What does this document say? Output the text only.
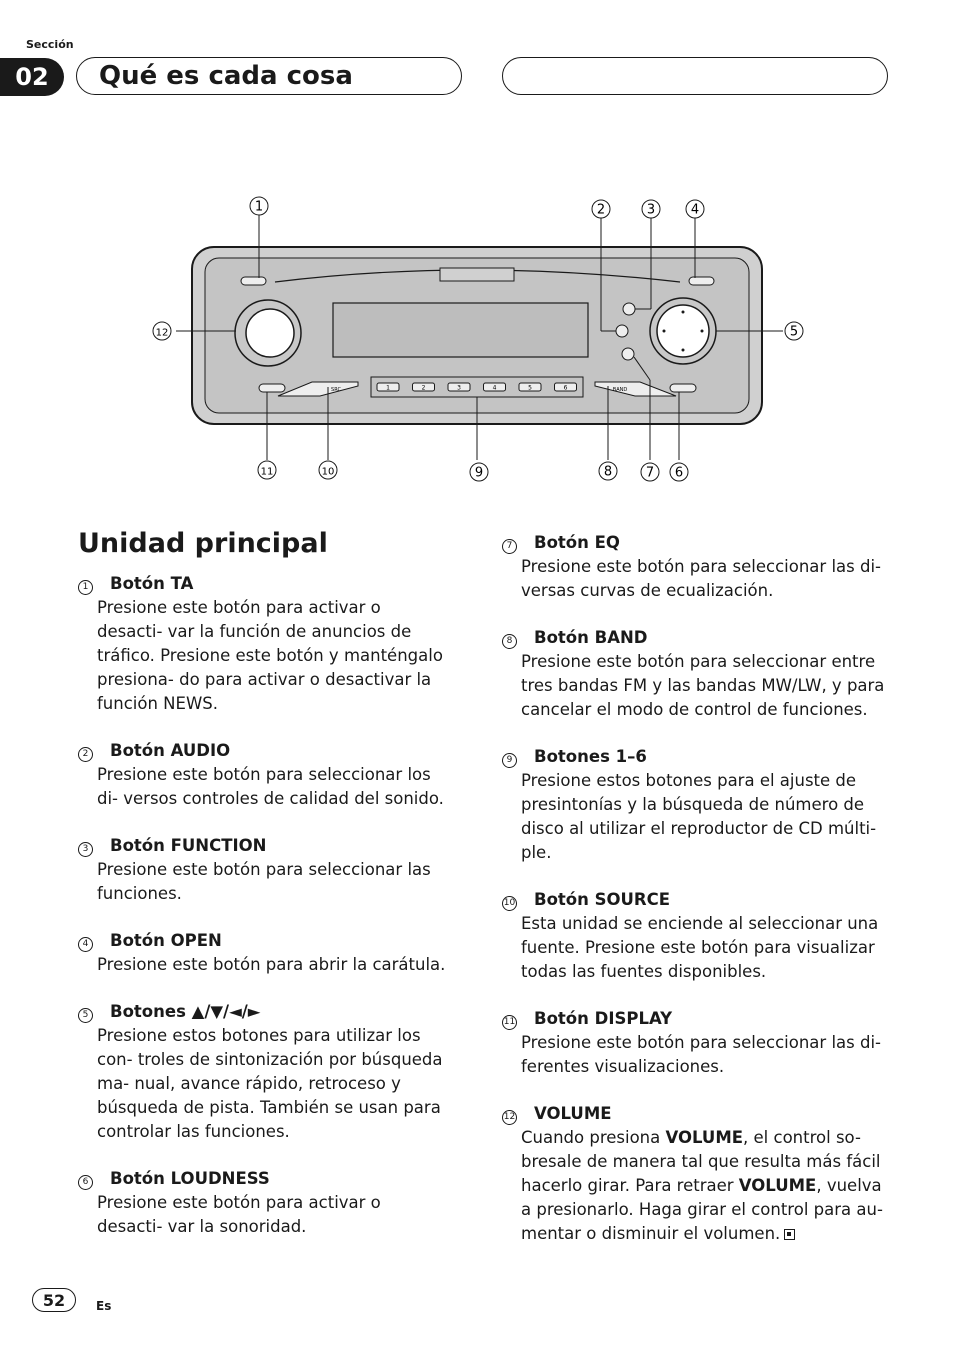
Sección
02	Qué es cada cosa
SRC	1	2	3	4	5	6	BAND
1	2	3	4
5
6
7
8
9
10
11
12
Unidad principal
1	Botón TA
Presione este botón para activar o desacti- var la función de anuncios de tráfico. Presione este botón y manténgalo presiona- do para activar o desactivar la función NEWS.
2	Botón AUDIO
Presione este botón para seleccionar los di- versos controles de calidad del sonido.
3	Botón FUNCTION
Presione este botón para seleccionar las funciones.
4	Botón OPEN
Presione este botón para abrir la carátula.
5	Botones ▲/▼/◄/►
Presione estos botones para utilizar los con- troles de sintonización por búsqueda ma- nual, avance rápido, retroceso y búsqueda de pista. También se usan para controlar las funciones.
6	Botón LOUDNESS
Presione este botón para activar o desacti- var la sonoridad.
7	Botón EQ
Presione este botón para seleccionar las di- versas curvas de ecualización.
8	Botón BAND
Presione este botón para seleccionar entre tres bandas FM y las bandas MW/LW, y para cancelar el modo de control de funciones.
9	Botones 1–6
Presione estos botones para el ajuste de presintonías y la búsqueda de número de disco al utilizar el reproductor de CD múlti- ple.
10	Botón SOURCE
Esta unidad se enciende al seleccionar una fuente. Presione este botón para visualizar todas las fuentes disponibles.
11	Botón DISPLAY
Presione este botón para seleccionar las di- ferentes visualizaciones.
12	VOLUME
Cuando presiona VOLUME, el control so- bresale de manera tal que resulta más fácil hacerlo girar. Para retraer VOLUME, vuelva a presionarlo. Haga girar el control para au- mentar o disminuir el volumen.
52	Es
